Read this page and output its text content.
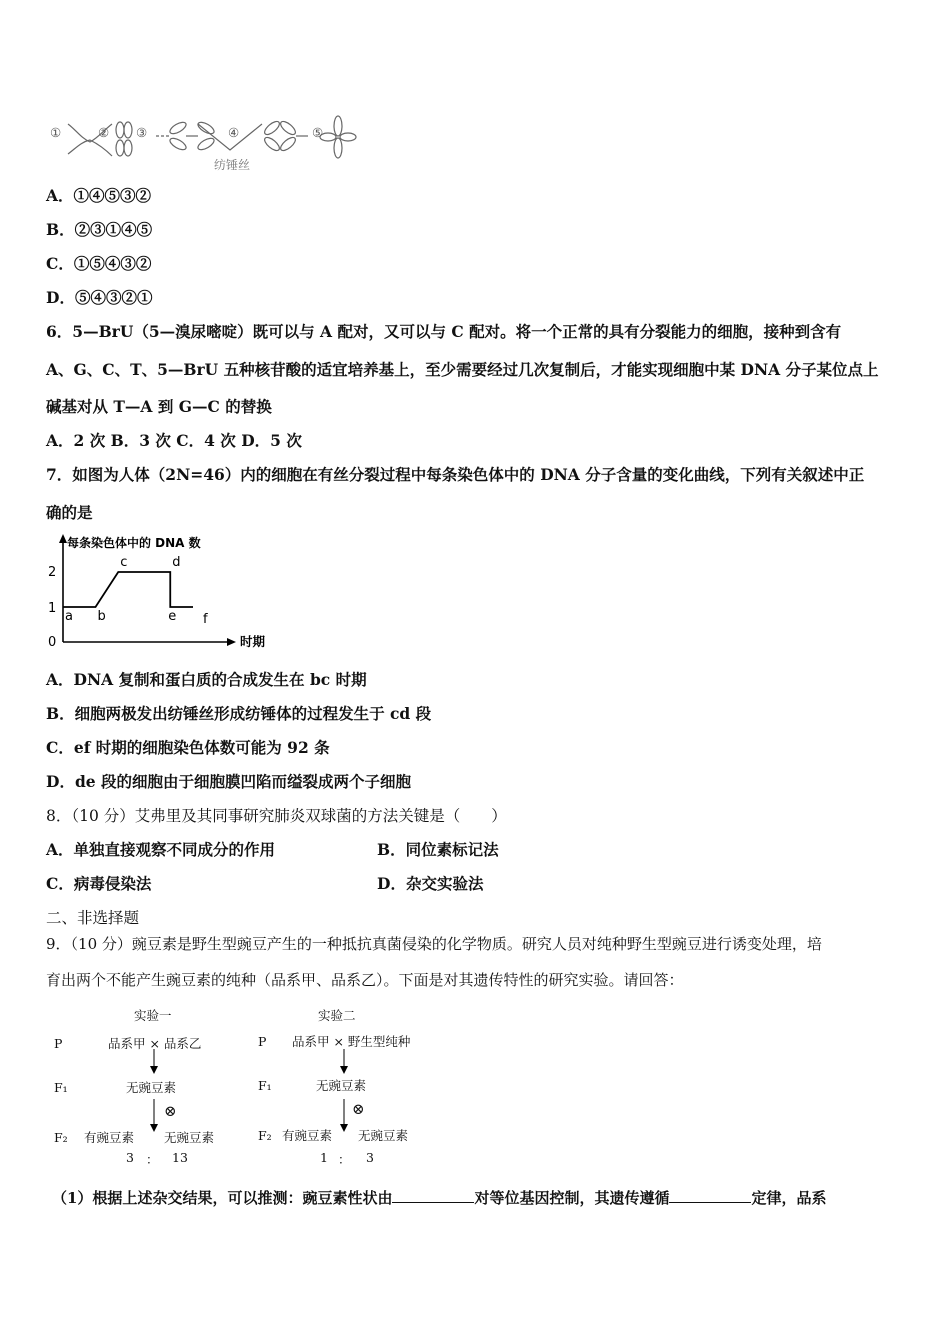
①	② ③	④	⑤
纺锤丝
A．①④⑤③②
B．②③①④⑤
C．①⑤④③②
D．⑤④③②①
6．5—BrU（5—溴尿嘧啶）既可以与 A 配对，又可以与 C 配对。将一个正常的具有分裂能力的细胞，接种到含有
A、G、C、T、5—BrU 五种核苷酸的适宜培养基上，至少需要经过几次复制后，才能实现细胞中某 DNA 分子某位点上
碱基对从 T—A 到 G—C 的替换
A．2 次 B．3 次 C．4 次 D．5 次
7．如图为人体（2N=46）内的细胞在有丝分裂过程中每条染色体中的 DNA 分子含量的变化曲线，下列有关叙述中正
确的是
每条染色体中的 DNA 数
时期
0
1
2
a b
c	d
e f
A．DNA 复制和蛋白质的合成发生在 bc 时期
B．细胞两极发出纺锤丝形成纺锤体的过程发生于 cd 段
C．ef 时期的细胞染色体数可能为 92 条
D．de 段的细胞由于细胞膜凹陷而缢裂成两个子细胞
8．（10 分）艾弗里及其同事研究肺炎双球菌的方法关键是（　　）
A．单独直接观察不同成分的作用	B．同位素标记法
C．病毒侵染法	D．杂交实验法
二、非选择题
9．（10 分）豌豆素是野生型豌豆产生的一种抵抗真菌侵染的化学物质。研究人员对纯种野生型豌豆进行诱变处理，培
育出两个不能产生豌豆素的纯种（品系甲、品系乙）。下面是对其遗传特性的研究实验。请回答：
实验一
P	品系甲 × 品系乙
F₁	无豌豆素
⊗
F₂ 有豌豆素 无豌豆素
3 ： 13
实验二
P 品系甲 × 野生型纯种
F₁	无豌豆素
⊗
F₂ 有豌豆素 无豌豆素
1 ： 3
（1）根据上述杂交结果，可以推测：豌豆素性状由	对等位基因控制，其遗传遵循	定律，品系
